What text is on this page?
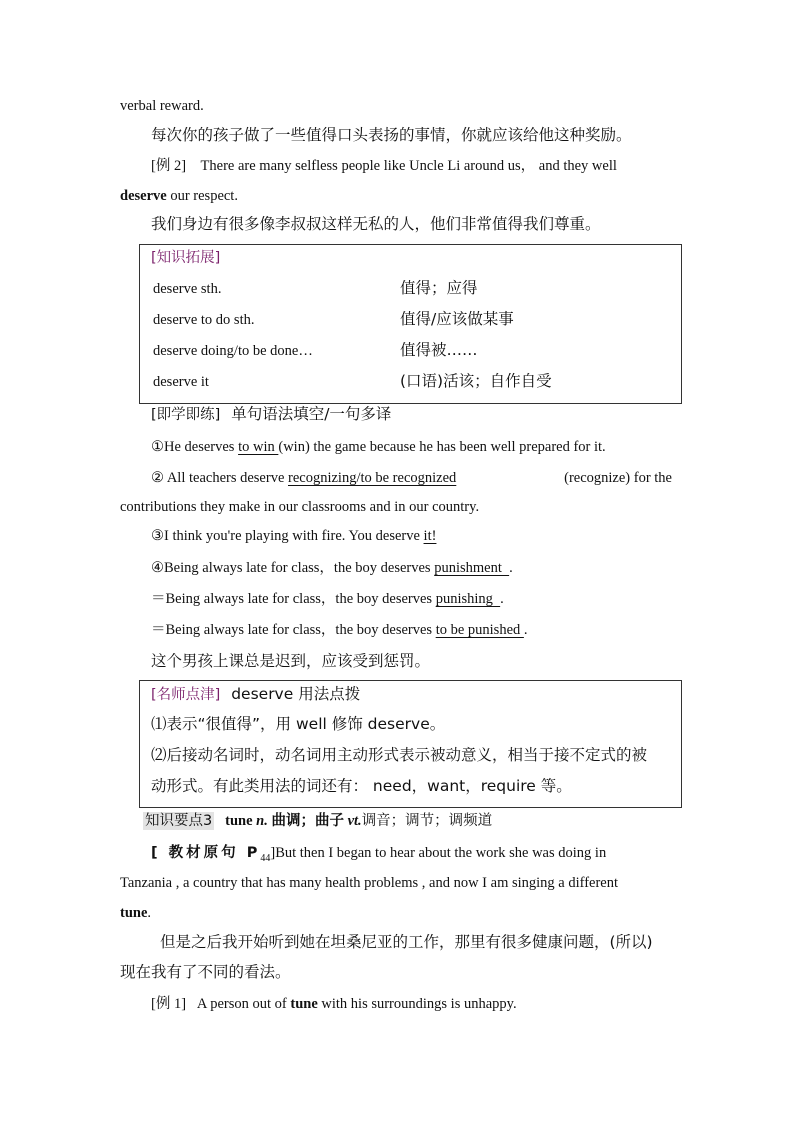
verbal reward.
每次你的孩子做了一些值得口头表扬的事情，你就应该给他这种奖励。
[例 2] There are many selfless people like Uncle Li around us， and they well
deserve our respect.
我们身边有很多像李叔叔这样无私的人，他们非常值得我们尊重。
[知识拓展]
deserve sth.	值得；应得
deserve to do sth.	值得/应该做某事
deserve doing/to be done…	值得被……
deserve it	(口语)活该；自作自受
[即学即练] 单句语法填空/一句多译
①He deserves to win (win) the game because he has been well prepared for it.
② All teachers deserve recognizing/to be recognized	(recognize) for the
contributions they make in our classrooms and in our country.
③I think you're playing with fire. You deserve it!
④Being always late for class，the boy deserves punishment  .
＝Being always late for class，the boy deserves punishing  .
＝Being always late for class，the boy deserves to be punished .
这个男孩上课总是迟到，应该受到惩罚。
[名师点津] deserve 用法点拨
⑴表示“很值得”，用 well 修饰 deserve。
⑵后接动名词时，动名词用主动形式表示被动意义，相当于接不定式的被
动形式。有此类用法的词还有： need，want，require 等。
知识要点3 tune n. 曲调；曲子 vt.调音；调节；调频道
[ 教材原句 $P_{44}]But$ then I began to hear about the work she was doing in
Tanzania , a country that has many health problems , and now I am singing a different
tune.
但是之后我开始听到她在坦桑尼亚的工作，那里有很多健康问题，(所以)
现在我有了不同的看法。
[例 1] A person out of tune with his surroundings is unhappy.
